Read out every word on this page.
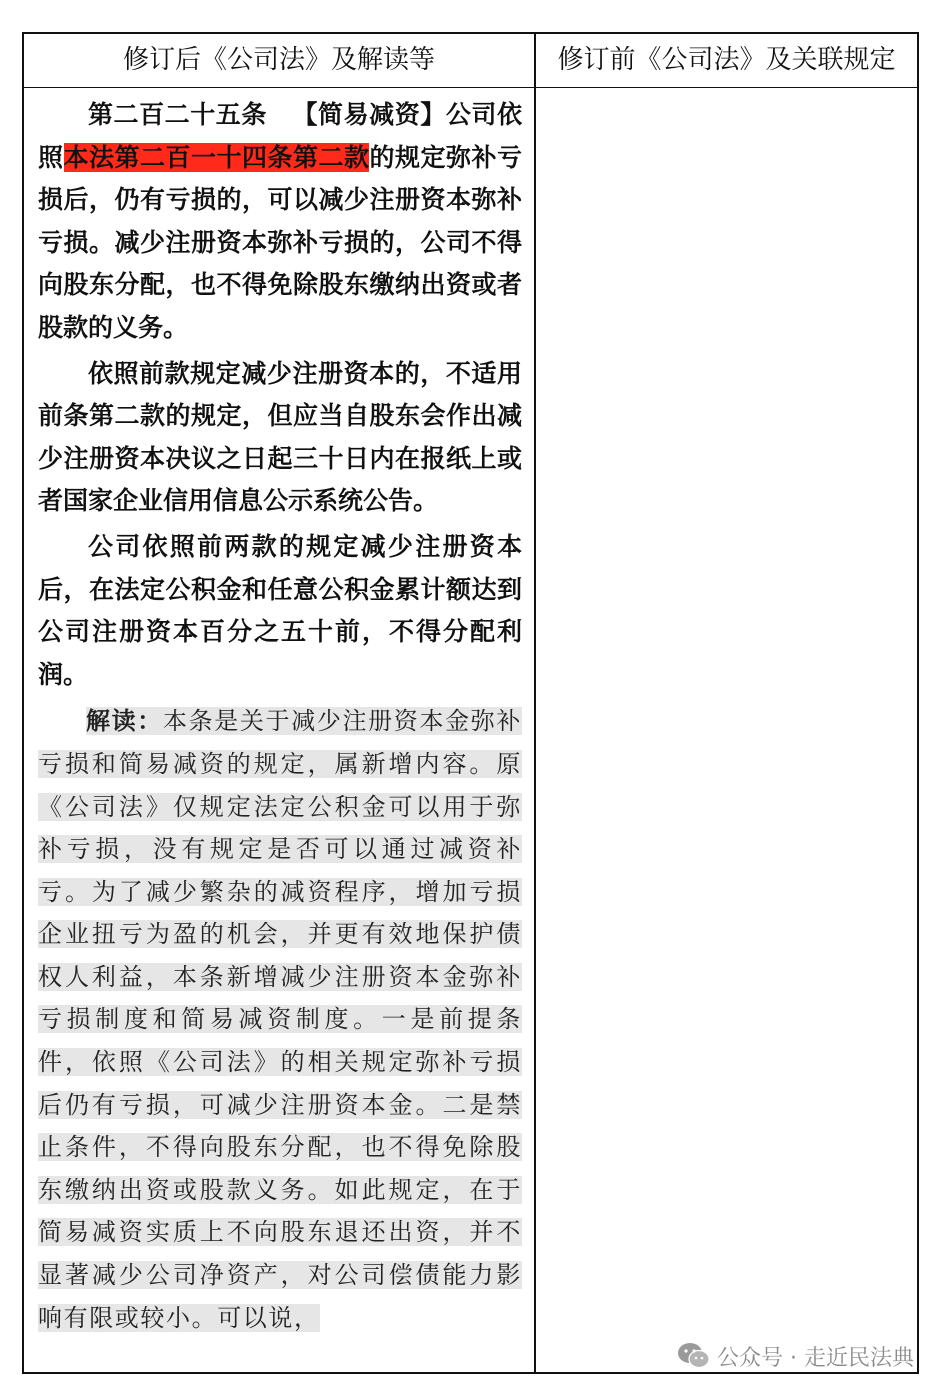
修订后《公司法》及解读等	修订前《公司法》及关联规定

第二百二十五条  【简易减资】公司依照本法第二百一十四条第二款的规定弥补亏损后，仍有亏损的，可以减少注册资本弥补亏损。减少注册资本弥补亏损的，公司不得向股东分配，也不得免除股东缴纳出资或者股款的义务。

依照前款规定减少注册资本的，不适用前条第二款的规定，但应当自股东会作出减少注册资本决议之日起三十日内在报纸上或者国家企业信用信息公示系统公告。

公司依照前两款的规定减少注册资本后，在法定公积金和任意公积金累计额达到公司注册资本百分之五十前，不得分配利润。

解读：本条是关于减少注册资本金弥补亏损和简易减资的规定，属新增内容。原《公司法》仅规定法定公积金可以用于弥补亏损，没有规定是否可以通过减资补亏。为了减少繁杂的减资程序，增加亏损企业扭亏为盈的机会，并更有效地保护债权人利益，本条新增减少注册资本金弥补亏损制度和简易减资制度。一是前提条件，依照《公司法》的相关规定弥补亏损后仍有亏损，可减少注册资本金。二是禁止条件，不得向股东分配，也不得免除股东缴纳出资或股款义务。如此规定，在于简易减资实质上不向股东退还出资，并不显著减少公司净资产，对公司偿债能力影响有限或较小。可以说，

公众号 · 走近民法典
